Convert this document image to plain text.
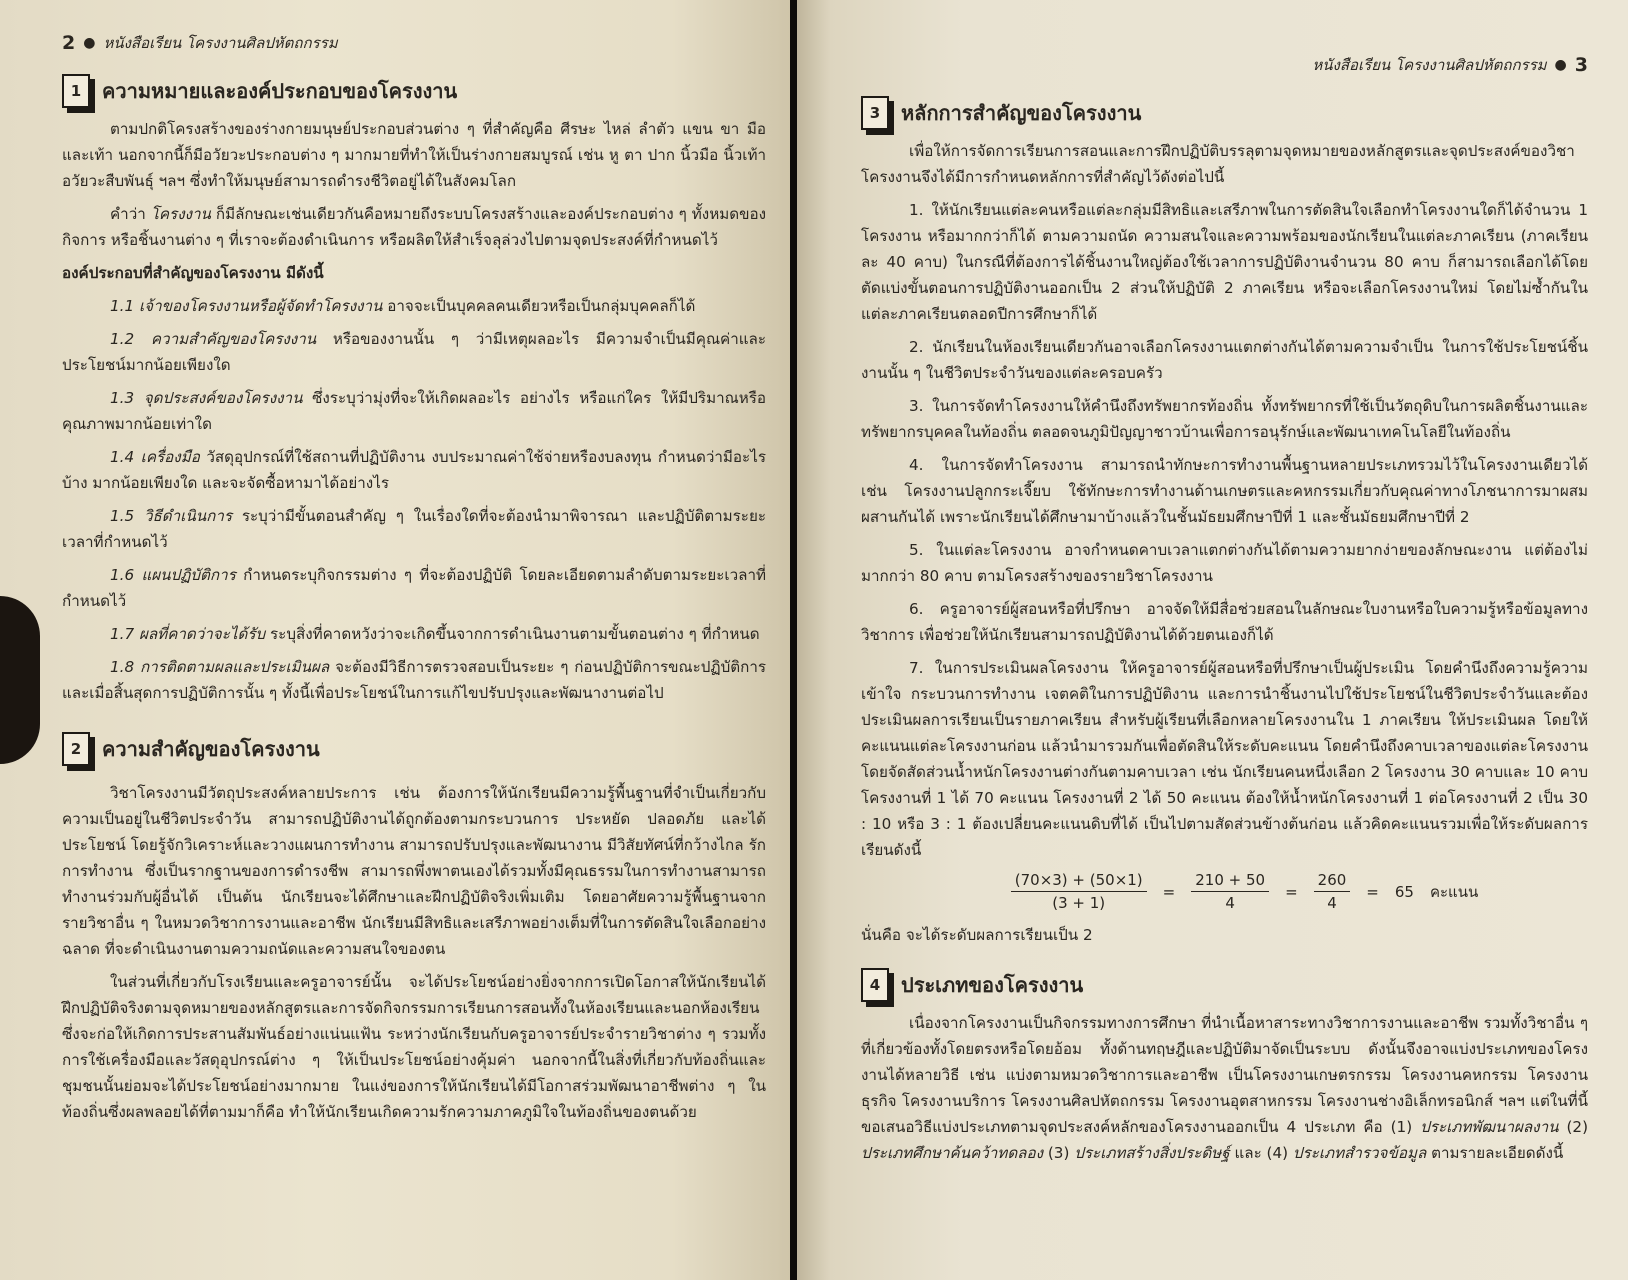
2 ● หนังสือเรียน โครงงานศิลปหัตถกรรม
1	ความหมายและองค์ประกอบของโครงงาน

ตามปกติโครงสร้างของร่างกายมนุษย์ประกอบส่วนต่าง ๆ ที่สำคัญคือ ศีรษะ ไหล่ ลำตัว แขน ขา มือและเท้า นอกจากนี้ก็มีอวัยวะประกอบต่าง ๆ มากมายที่ทำให้เป็นร่างกายสมบูรณ์ เช่น หู ตา ปาก นิ้วมือ นิ้วเท้า อวัยวะสืบพันธุ์ ฯลฯ ซึ่งทำให้มนุษย์สามารถดำรงชีวิตอยู่ได้ในสังคมโลก

คำว่า โครงงาน ก็มีลักษณะเช่นเดียวกันคือหมายถึงระบบโครงสร้างและองค์ประกอบต่าง ๆ ทั้งหมดของกิจการ หรือชิ้นงานต่าง ๆ ที่เราจะต้องดำเนินการ หรือผลิตให้สำเร็จลุล่วงไปตามจุดประสงค์ที่กำหนดไว้

องค์ประกอบที่สำคัญของโครงงาน มีดังนี้

1.1 เจ้าของโครงงานหรือผู้จัดทำโครงงาน อาจจะเป็นบุคคลคนเดียวหรือเป็นกลุ่มบุคคลก็ได้

1.2 ความสำคัญของโครงงาน หรือของงานนั้น ๆ ว่ามีเหตุผลอะไร มีความจำเป็นมีคุณค่าและประโยชน์มากน้อยเพียงใด

1.3 จุดประสงค์ของโครงงาน ซึ่งระบุว่ามุ่งที่จะให้เกิดผลอะไร อย่างไร หรือแก่ใคร ให้มีปริมาณหรือคุณภาพมากน้อยเท่าใด

1.4 เครื่องมือ วัสดุอุปกรณ์ที่ใช้สถานที่ปฏิบัติงาน งบประมาณค่าใช้จ่ายหรืองบลงทุน กำหนดว่ามีอะไรบ้าง มากน้อยเพียงใด และจะจัดซื้อหามาได้อย่างไร

1.5 วิธีดำเนินการ ระบุว่ามีขั้นตอนสำคัญ ๆ ในเรื่องใดที่จะต้องนำมาพิจารณา และปฏิบัติตามระยะเวลาที่กำหนดไว้

1.6 แผนปฏิบัติการ กำหนดระบุกิจกรรมต่าง ๆ ที่จะต้องปฏิบัติ โดยละเอียดตามลำดับตามระยะเวลาที่กำหนดไว้

1.7 ผลที่คาดว่าจะได้รับ ระบุสิ่งที่คาดหวังว่าจะเกิดขึ้นจากการดำเนินงานตามขั้นตอนต่าง ๆ ที่กำหนด

1.8 การติดตามผลและประเมินผล จะต้องมีวิธีการตรวจสอบเป็นระยะ ๆ ก่อนปฏิบัติการขณะปฏิบัติการและเมื่อสิ้นสุดการปฏิบัติการนั้น ๆ ทั้งนี้เพื่อประโยชน์ในการแก้ไขปรับปรุงและพัฒนางานต่อไป

2	ความสำคัญของโครงงาน

วิชาโครงงานมีวัตถุประสงค์หลายประการ เช่น ต้องการให้นักเรียนมีความรู้พื้นฐานที่จำเป็นเกี่ยวกับความเป็นอยู่ในชีวิตประจำวัน สามารถปฏิบัติงานได้ถูกต้องตามกระบวนการ ประหยัด ปลอดภัย และได้ประโยชน์ โดยรู้จักวิเคราะห์และวางแผนการทำงาน สามารถปรับปรุงและพัฒนางาน มีวิสัยทัศน์ที่กว้างไกล รักการทำงาน ซึ่งเป็นรากฐานของการดำรงชีพ สามารถพึ่งพาตนเองได้รวมทั้งมีคุณธรรมในการทำงานสามารถทำงานร่วมกับผู้อื่นได้ เป็นต้น นักเรียนจะได้ศึกษาและฝึกปฏิบัติจริงเพิ่มเติม โดยอาศัยความรู้พื้นฐานจากรายวิชาอื่น ๆ ในหมวดวิชาการงานและอาชีพ นักเรียนมีสิทธิและเสรีภาพอย่างเต็มที่ในการตัดสินใจเลือกอย่างฉลาด ที่จะดำเนินงานตามความถนัดและความสนใจของตน

ในส่วนที่เกี่ยวกับโรงเรียนและครูอาจารย์นั้น จะได้ประโยชน์อย่างยิ่งจากการเปิดโอกาสให้นักเรียนได้ฝึกปฏิบัติจริงตามจุดหมายของหลักสูตรและการจัดกิจกรรมการเรียนการสอนทั้งในห้องเรียนและนอกห้องเรียน ซึ่งจะก่อให้เกิดการประสานสัมพันธ์อย่างแน่นแฟ้น ระหว่างนักเรียนกับครูอาจารย์ประจำรายวิชาต่าง ๆ รวมทั้งการใช้เครื่องมือและวัสดุอุปกรณ์ต่าง ๆ ให้เป็นประโยชน์อย่างคุ้มค่า นอกจากนี้ในสิ่งที่เกี่ยวกับท้องถิ่นและชุมชนนั้นย่อมจะได้ประโยชน์อย่างมากมาย ในแง่ของการให้นักเรียนได้มีโอกาสร่วมพัฒนาอาชีพต่าง ๆ ในท้องถิ่นซึ่งผลพลอยได้ที่ตามมาก็คือ ทำให้นักเรียนเกิดความรักความภาคภูมิใจในท้องถิ่นของตนด้วย

หนังสือเรียน โครงงานศิลปหัตถกรรม ● 3
3	หลักการสำคัญของโครงงาน

เพื่อให้การจัดการเรียนการสอนและการฝึกปฏิบัติบรรลุตามจุดหมายของหลักสูตรและจุดประสงค์ของวิชาโครงงานจึงได้มีการกำหนดหลักการที่สำคัญไว้ดังต่อไปนี้

1. ให้นักเรียนแต่ละคนหรือแต่ละกลุ่มมีสิทธิและเสรีภาพในการตัดสินใจเลือกทำโครงงานใดก็ได้จำนวน 1 โครงงาน หรือมากกว่าก็ได้ ตามความถนัด ความสนใจและความพร้อมของนักเรียนในแต่ละภาคเรียน (ภาคเรียนละ 40 คาบ) ในกรณีที่ต้องการได้ชิ้นงานใหญ่ต้องใช้เวลาการปฏิบัติงานจำนวน 80 คาบ ก็สามารถเลือกได้โดยตัดแบ่งขั้นตอนการปฏิบัติงานออกเป็น 2 ส่วนให้ปฏิบัติ 2 ภาคเรียน หรือจะเลือกโครงงานใหม่ โดยไม่ซ้ำกันในแต่ละภาคเรียนตลอดปีการศึกษาก็ได้

2. นักเรียนในห้องเรียนเดียวกันอาจเลือกโครงงานแตกต่างกันได้ตามความจำเป็น ในการใช้ประโยชน์ชิ้นงานนั้น ๆ ในชีวิตประจำวันของแต่ละครอบครัว

3. ในการจัดทำโครงงานให้คำนึงถึงทรัพยากรท้องถิ่น ทั้งทรัพยากรที่ใช้เป็นวัตถุดิบในการผลิตชิ้นงานและทรัพยากรบุคคลในท้องถิ่น ตลอดจนภูมิปัญญาชาวบ้านเพื่อการอนุรักษ์และพัฒนาเทคโนโลยีในท้องถิ่น

4. ในการจัดทำโครงงาน สามารถนำทักษะการทำงานพื้นฐานหลายประเภทรวมไว้ในโครงงานเดียวได้ เช่น โครงงานปลูกกระเจี๊ยบ ใช้ทักษะการทำงานด้านเกษตรและคหกรรมเกี่ยวกับคุณค่าทางโภชนาการมาผสมผสานกันได้ เพราะนักเรียนได้ศึกษามาบ้างแล้วในชั้นมัธยมศึกษาปีที่ 1 และชั้นมัธยมศึกษาปีที่ 2

5. ในแต่ละโครงงาน อาจกำหนดคาบเวลาแตกต่างกันได้ตามความยากง่ายของลักษณะงาน แต่ต้องไม่มากกว่า 80 คาบ ตามโครงสร้างของรายวิชาโครงงาน

6. ครูอาจารย์ผู้สอนหรือที่ปรึกษา อาจจัดให้มีสื่อช่วยสอนในลักษณะใบงานหรือใบความรู้หรือข้อมูลทางวิชาการ เพื่อช่วยให้นักเรียนสามารถปฏิบัติงานได้ด้วยตนเองก็ได้

7. ในการประเมินผลโครงงาน ให้ครูอาจารย์ผู้สอนหรือที่ปรึกษาเป็นผู้ประเมิน โดยคำนึงถึงความรู้ความเข้าใจ กระบวนการทำงาน เจตคติในการปฏิบัติงาน และการนำชิ้นงานไปใช้ประโยชน์ในชีวิตประจำวันและต้องประเมินผลการเรียนเป็นรายภาคเรียน สำหรับผู้เรียนที่เลือกหลายโครงงานใน 1 ภาคเรียน ให้ประเมินผล โดยให้คะแนนแต่ละโครงงานก่อน แล้วนำมารวมกันเพื่อตัดสินให้ระดับคะแนน โดยคำนึงถึงคาบเวลาของแต่ละโครงงาน โดยจัดสัดส่วนน้ำหนักโครงงานต่างกันตามคาบเวลา เช่น นักเรียนคนหนึ่งเลือก 2 โครงงาน 30 คาบและ 10 คาบ โครงงานที่ 1 ได้ 70 คะแนน โครงงานที่ 2 ได้ 50 คะแนน ต้องให้น้ำหนักโครงงานที่ 1 ต่อโครงงานที่ 2 เป็น 30 : 10 หรือ 3 : 1 ต้องเปลี่ยนคะแนนดิบที่ได้ เป็นไปตามสัดส่วนข้างต้นก่อน แล้วคิดคะแนนรวมเพื่อให้ระดับผลการเรียนดังนี้

$\frac{(70\times 3) + (50\times 1)}{(3 + 1)} = \frac{210 + 50}{4} = \frac{260}{4} = 65$ คะแนน

นั่นคือ จะได้ระดับผลการเรียนเป็น 2

4	ประเภทของโครงงาน

เนื่องจากโครงงานเป็นกิจกรรมทางการศึกษา ที่นำเนื้อหาสาระทางวิชาการงานและอาชีพ รวมทั้งวิชาอื่น ๆ ที่เกี่ยวข้องทั้งโดยตรงหรือโดยอ้อม ทั้งด้านทฤษฎีและปฏิบัติมาจัดเป็นระบบ ดังนั้นจึงอาจแบ่งประเภทของโครงงานได้หลายวิธี เช่น แบ่งตามหมวดวิชาการและอาชีพ เป็นโครงงานเกษตรกรรม โครงงานคหกรรม โครงงานธุรกิจ โครงงานบริการ โครงงานศิลปหัตถกรรม โครงงานอุตสาหกรรม โครงงานช่างอิเล็กทรอนิกส์ ฯลฯ แต่ในที่นี้ขอเสนอวิธีแบ่งประเภทตามจุดประสงค์หลักของโครงงานออกเป็น 4 ประเภท คือ (1) ประเภทพัฒนาผลงาน (2) ประเภทศึกษาค้นคว้าทดลอง (3) ประเภทสร้างสิ่งประดิษฐ์ และ (4) ประเภทสำรวจข้อมูล ตามรายละเอียดดังนี้
